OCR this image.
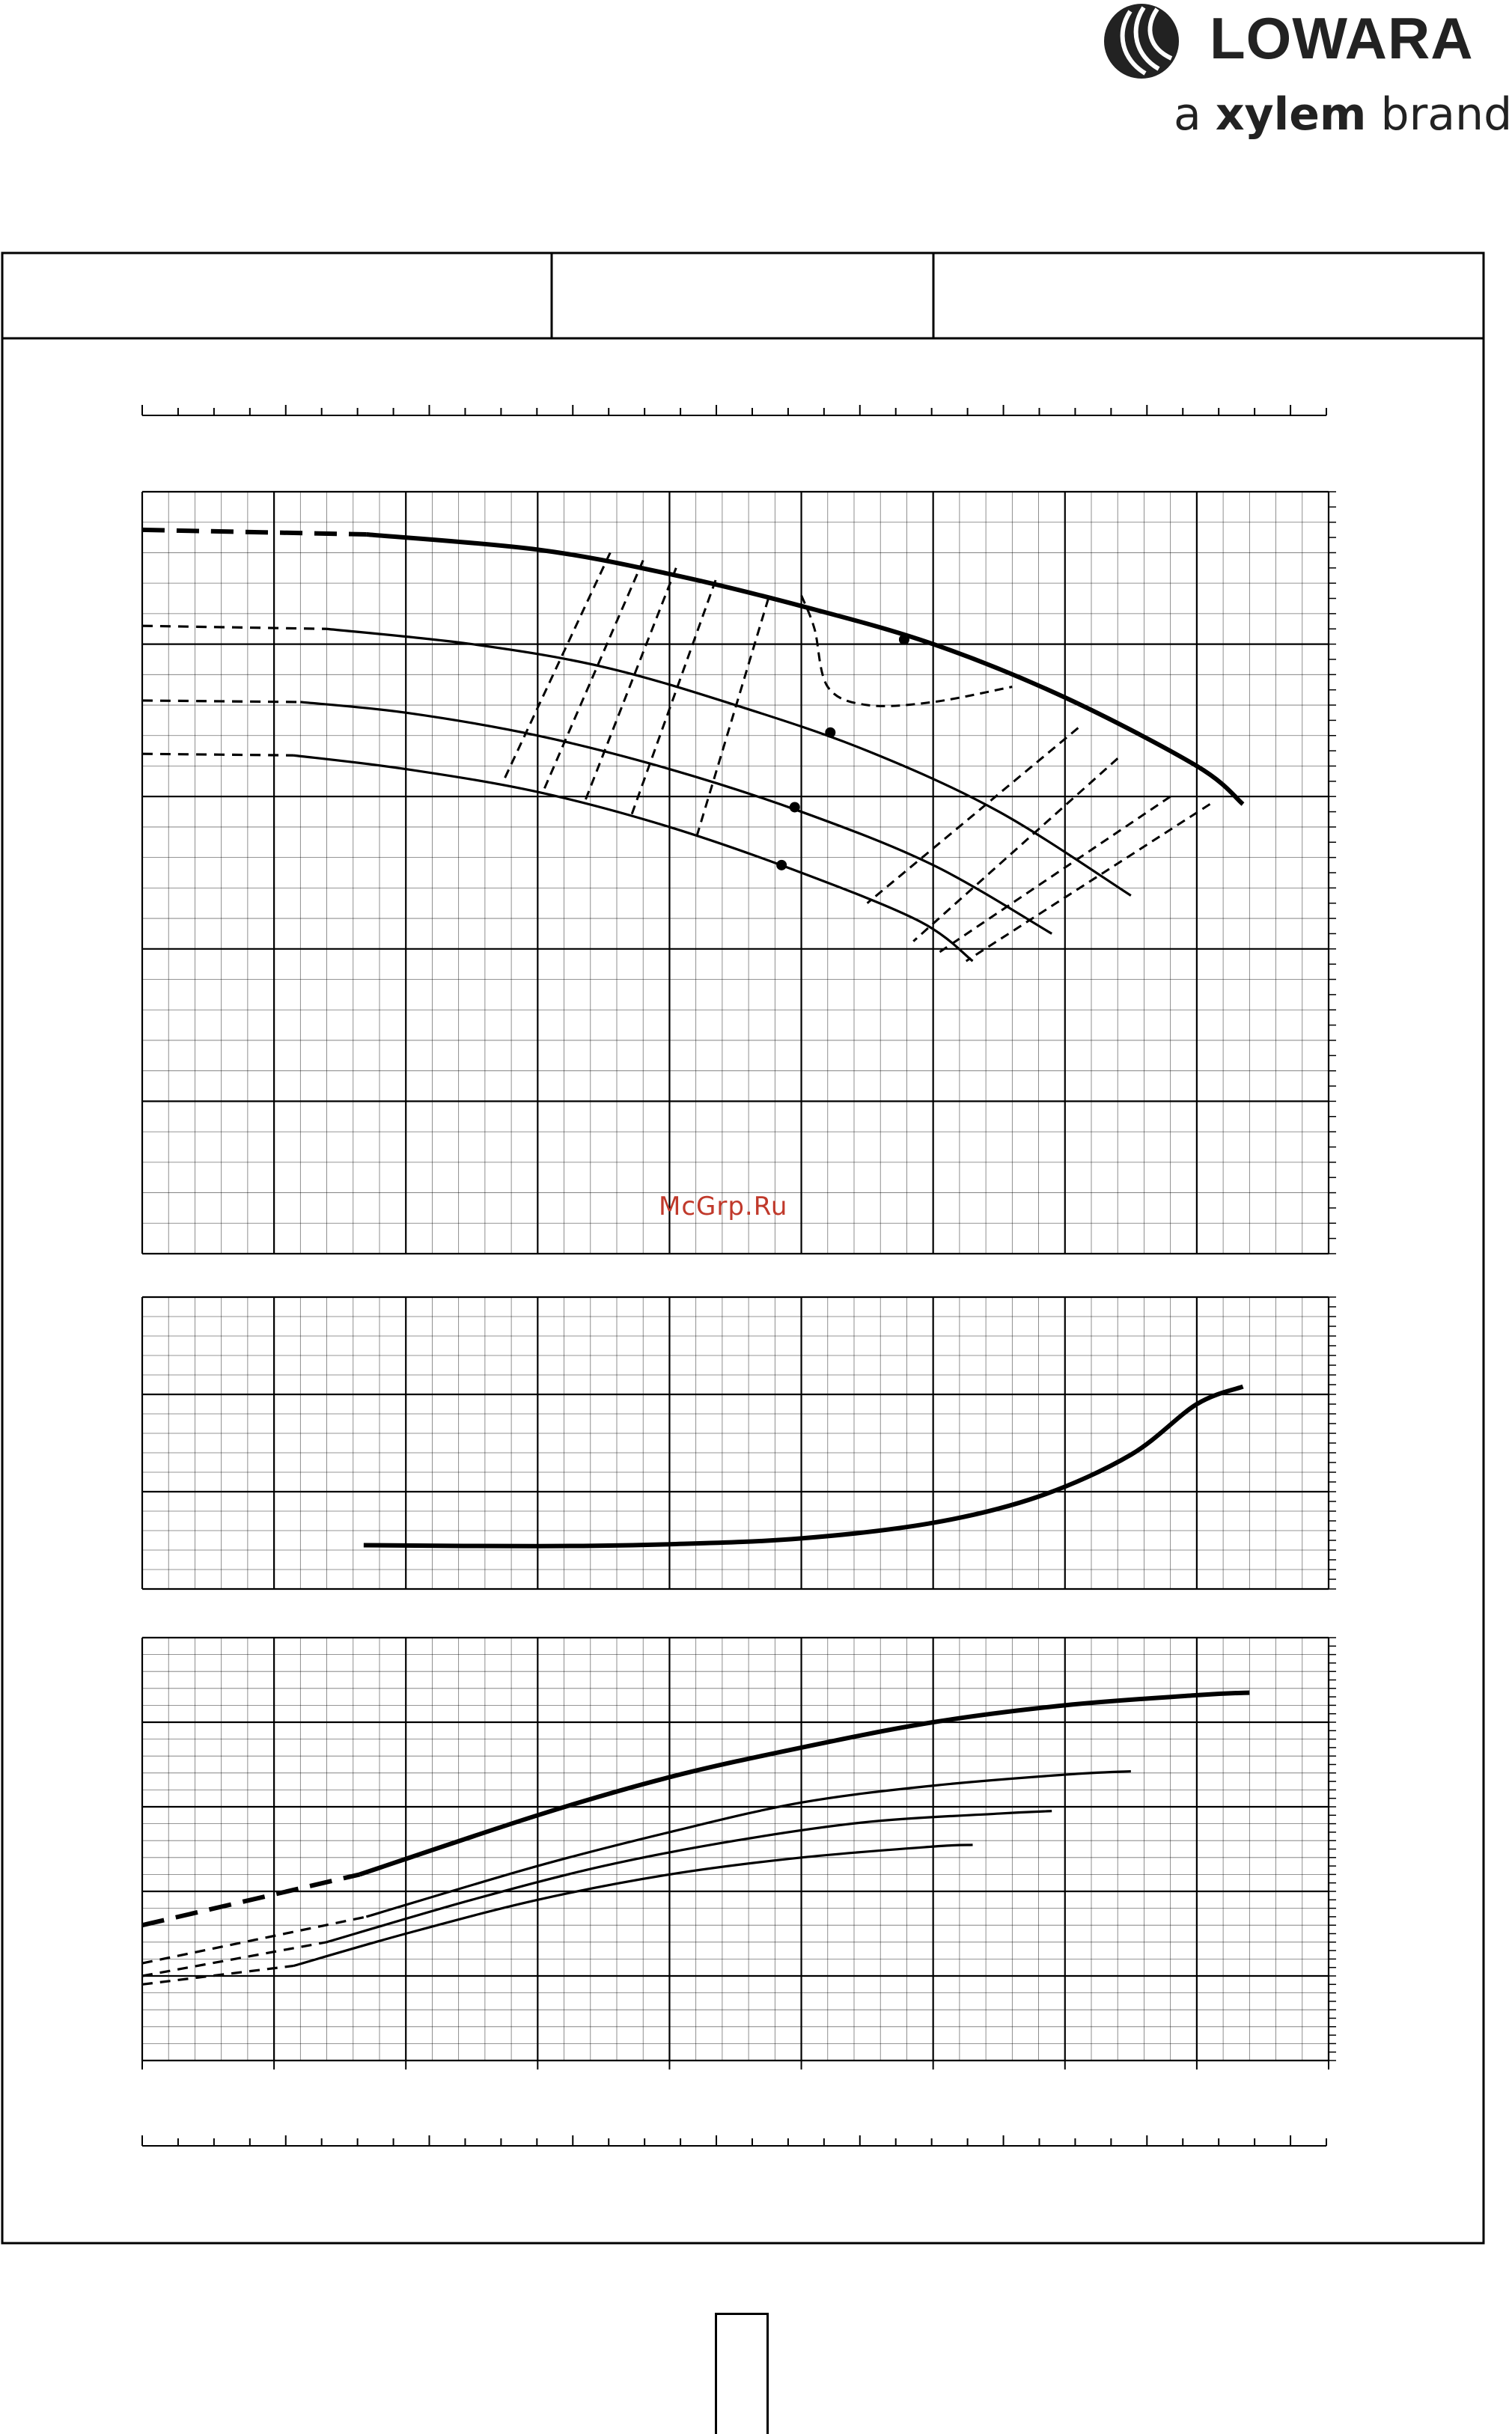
LOWARA
a xylem brand
McGrp.Ru
